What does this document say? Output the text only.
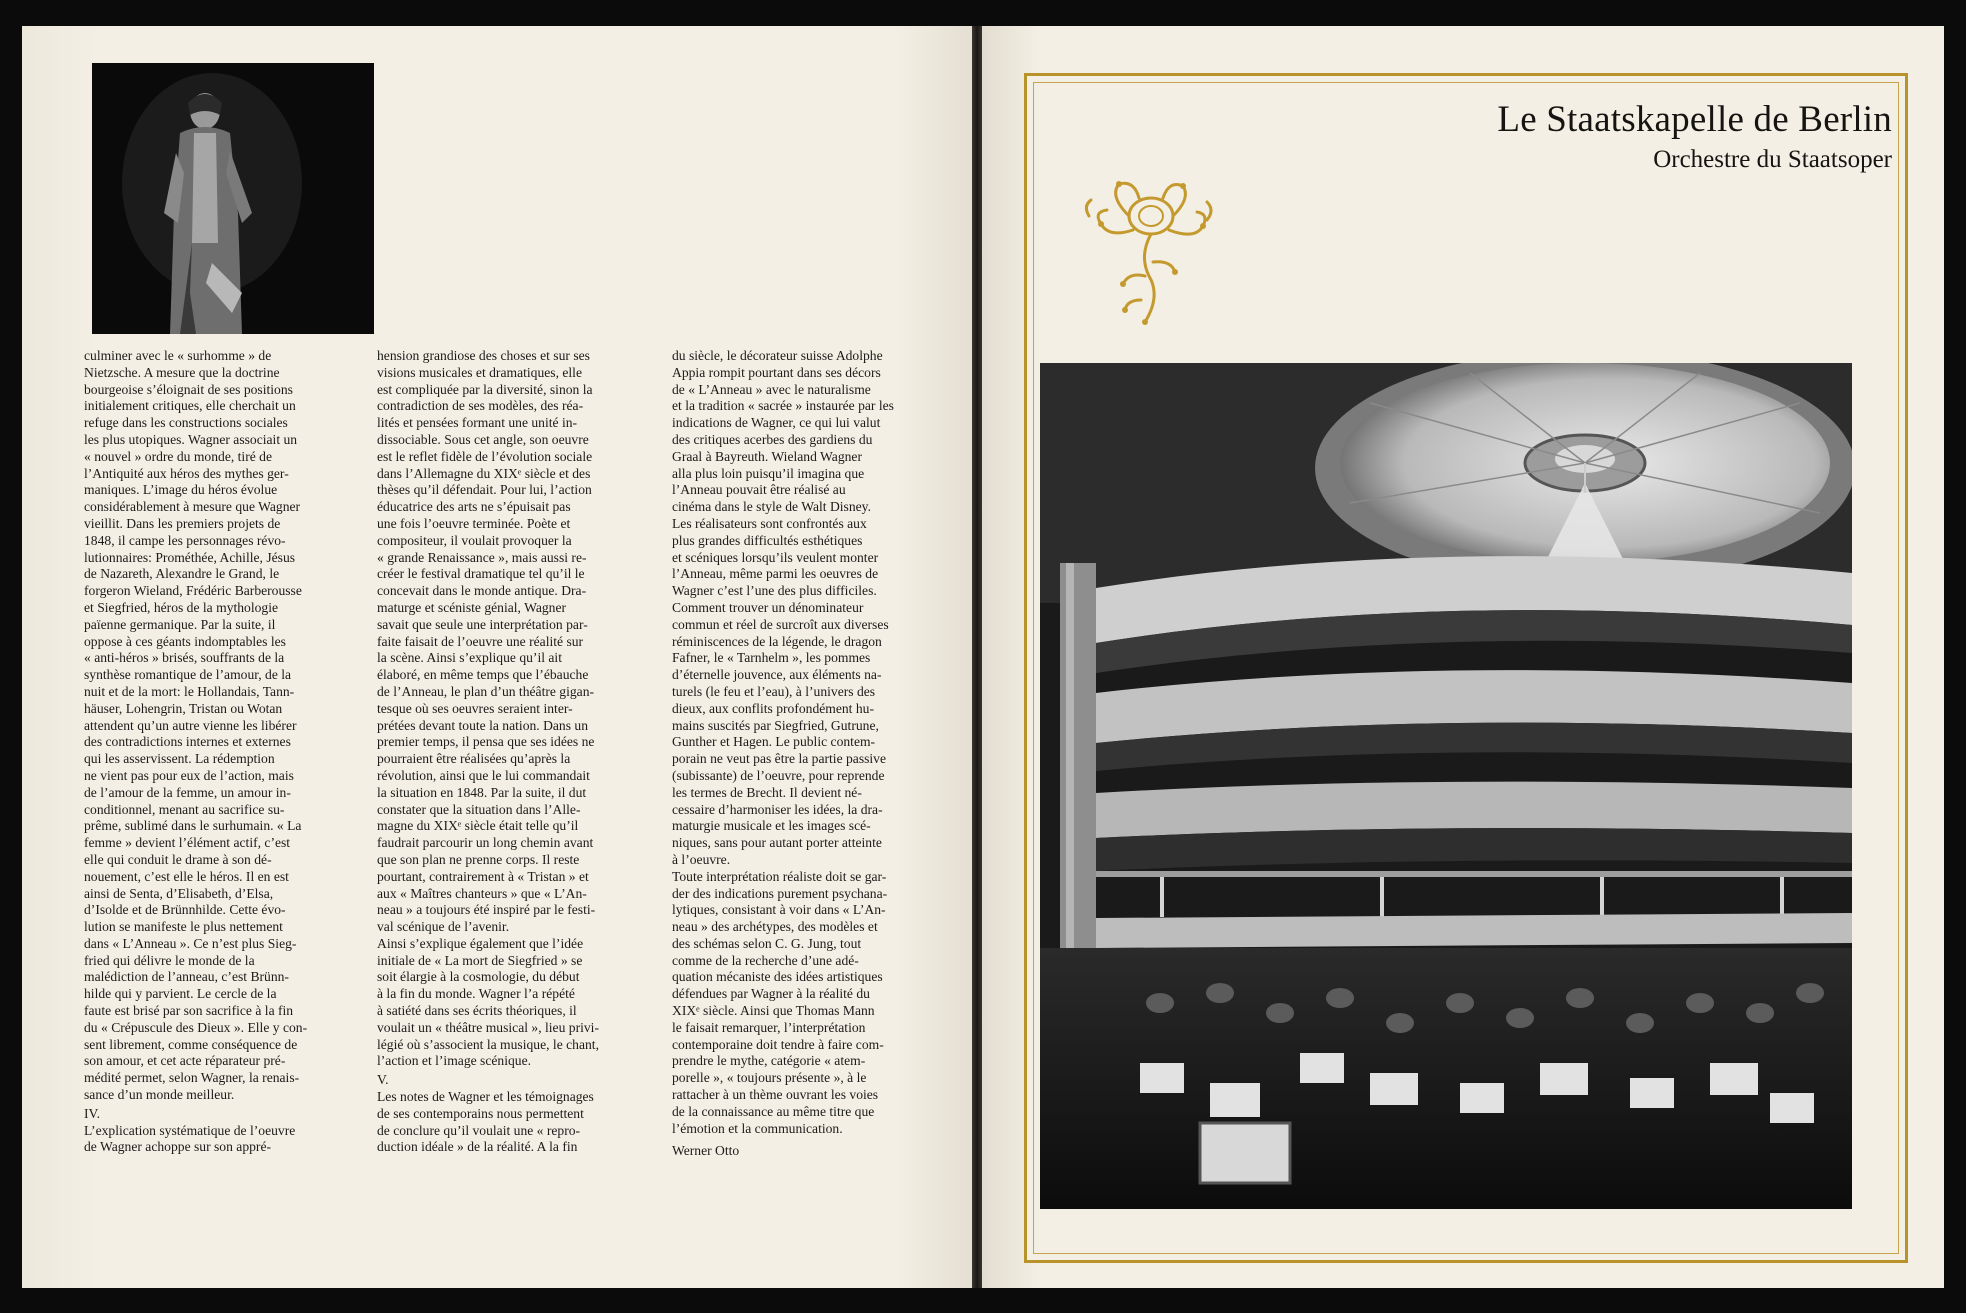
culminer avec le « surhomme » de
Nietzsche. A mesure que la doctrine
bourgeoise s’éloignait de ses positions
initialement critiques, elle cherchait un
refuge dans les constructions sociales
les plus utopiques. Wagner associait un
« nouvel » ordre du monde, tiré de
l’Antiquité aux héros des mythes ger-
maniques. L’image du héros évolue
considérablement à mesure que Wagner
vieillit. Dans les premiers projets de
1848, il campe les personnages révo-
lutionnaires: Prométhée, Achille, Jésus
de Nazareth, Alexandre le Grand, le
forgeron Wieland, Frédéric Barberousse
et Siegfried, héros de la mythologie
païenne germanique. Par la suite, il
oppose à ces géants indomptables les
« anti-héros » brisés, souffrants de la
synthèse romantique de l’amour, de la
nuit et de la mort: le Hollandais, Tann-
häuser, Lohengrin, Tristan ou Wotan
attendent qu’un autre vienne les libérer
des contradictions internes et externes
qui les asservissent. La rédemption
ne vient pas pour eux de l’action, mais
de l’amour de la femme, un amour in-
conditionnel, menant au sacrifice su-
prême, sublimé dans le surhumain. « La
femme » devient l’élément actif, c’est
elle qui conduit le drame à son dé-
nouement, c’est elle le héros. Il en est
ainsi de Senta, d’Elisabeth, d’Elsa,
d’Isolde et de Brünnhilde. Cette évo-
lution se manifeste le plus nettement
dans « L’Anneau ». Ce n’est plus Sieg-
fried qui délivre le monde de la
malédiction de l’anneau, c’est Brünn-
hilde qui y parvient. Le cercle de la
faute est brisé par son sacrifice à la fin
du « Crépuscule des Dieux ». Elle y con-
sent librement, comme conséquence de
son amour, et cet acte réparateur pré-
médité permet, selon Wagner, la renais-
sance d’un monde meilleur.

IV.

L’explication systématique de l’oeuvre
de Wagner achoppe sur son appré-

hension grandiose des choses et sur ses
visions musicales et dramatiques, elle
est compliquée par la diversité, sinon la
contradiction de ses modèles, des réa-
lités et pensées formant une unité in-
dissociable. Sous cet angle, son oeuvre
est le reflet fidèle de l’évolution sociale
dans l’Allemagne du XIXᵉ siècle et des
thèses qu’il défendait. Pour lui, l’action
éducatrice des arts ne s’épuisait pas
une fois l’oeuvre terminée. Poète et
compositeur, il voulait provoquer la
« grande Renaissance », mais aussi re-
créer le festival dramatique tel qu’il le
concevait dans le monde antique. Dra-
maturge et scéniste génial, Wagner
savait que seule une interprétation par-
faite faisait de l’oeuvre une réalité sur
la scène. Ainsi s’explique qu’il ait
élaboré, en même temps que l’ébauche
de l’Anneau, le plan d’un théâtre gigan-
tesque où ses oeuvres seraient inter-
prétées devant toute la nation. Dans un
premier temps, il pensa que ses idées ne
pourraient être réalisées qu’après la
révolution, ainsi que le lui commandait
la situation en 1848. Par la suite, il dut
constater que la situation dans l’Alle-
magne du XIXᵉ siècle était telle qu’il
faudrait parcourir un long chemin avant
que son plan ne prenne corps. Il reste
pourtant, contrairement à « Tristan » et
aux « Maîtres chanteurs » que « L’An-
neau » a toujours été inspiré par le festi-
val scénique de l’avenir.
Ainsi s’explique également que l’idée
initiale de « La mort de Siegfried » se
soit élargie à la cosmologie, du début
à la fin du monde. Wagner l’a répété
à satiété dans ses écrits théoriques, il
voulait un « théâtre musical », lieu privi-
légié où s’associent la musique, le chant,
l’action et l’image scénique.

V.

Les notes de Wagner et les témoignages
de ses contemporains nous permettent
de conclure qu’il voulait une « repro-
duction idéale » de la réalité. A la fin

du siècle, le décorateur suisse Adolphe
Appia rompit pourtant dans ses décors
de « L’Anneau » avec le naturalisme
et la tradition « sacrée » instaurée par les
indications de Wagner, ce qui lui valut
des critiques acerbes des gardiens du
Graal à Bayreuth. Wieland Wagner
alla plus loin puisqu’il imagina que
l’Anneau pouvait être réalisé au
cinéma dans le style de Walt Disney.
Les réalisateurs sont confrontés aux
plus grandes difficultés esthétiques
et scéniques lorsqu’ils veulent monter
l’Anneau, même parmi les oeuvres de
Wagner c’est l’une des plus difficiles.
Comment trouver un dénominateur
commun et réel de surcroît aux diverses
réminiscences de la légende, le dragon
Fafner, le « Tarnhelm », les pommes
d’éternelle jouvence, aux éléments na-
turels (le feu et l’eau), à l’univers des
dieux, aux conflits profondément hu-
mains suscités par Siegfried, Gutrune,
Gunther et Hagen. Le public contem-
porain ne veut pas être la partie passive
(subissante) de l’oeuvre, pour reprende
les termes de Brecht. Il devient né-
cessaire d’harmoniser les idées, la dra-
maturgie musicale et les images scé-
niques, sans pour autant porter atteinte
à l’oeuvre.
Toute interprétation réaliste doit se gar-
der des indications purement psychana-
lytiques, consistant à voir dans « L’An-
neau » des archétypes, des modèles et
des schémas selon C. G. Jung, tout
comme de la recherche d’une adé-
quation mécaniste des idées artistiques
défendues par Wagner à la réalité du
XIXᵉ siècle. Ainsi que Thomas Mann
le faisait remarquer, l’interprétation
contemporaine doit tendre à faire com-
prendre le mythe, catégorie « atem-
porelle », « toujours présente », à le
rattacher à un thème ouvrant les voies
de la connaissance au même titre que
l’émotion et la communication.

Werner Otto

Le Staatskapelle de Berlin
Orchestre du Staatsoper
